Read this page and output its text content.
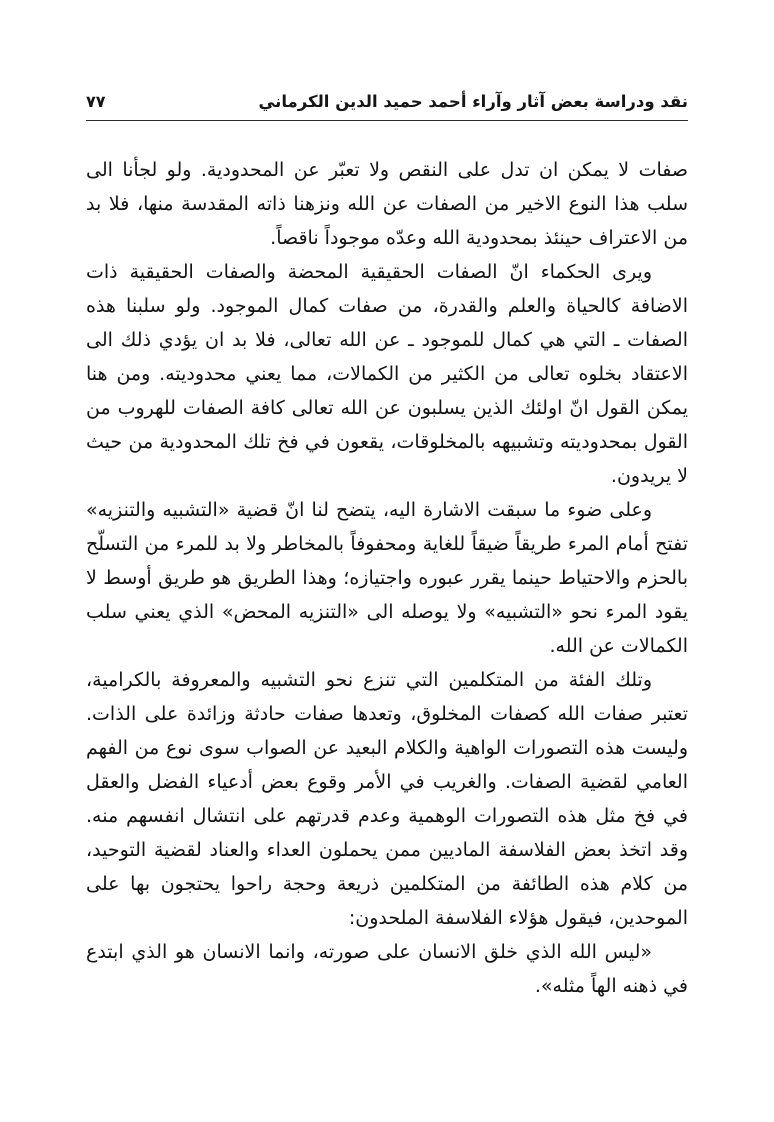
نقد ودراسة بعض آثار وآراء أحمد حميد الدين الكرماني
٧٧

صفات لا يمكن ان تدل على النقص ولا تعبّر عن المحدودية. ولو لجأنا الى سلب هذا النوع الاخير من الصفات عن الله ونزهنا ذاته المقدسة منها، فلا بد من الاعتراف حينئذ بمحدودية الله وعدّه موجوداً ناقصاً.

ويرى الحكماء انّ الصفات الحقيقية المحضة والصفات الحقيقية ذات الاضافة كالحياة والعلم والقدرة، من صفات كمال الموجود. ولو سلبنا هذه الصفات ـ التي هي كمال للموجود ـ عن الله تعالى، فلا بد ان يؤدي ذلك الى الاعتقاد بخلوه تعالى من الكثير من الكمالات، مما يعني محدوديته. ومن هنا يمكن القول انّ اولئك الذين يسلبون عن الله تعالى كافة الصفات للهروب من القول بمحدوديته وتشبيهه بالمخلوقات، يقعون في فخ تلك المحدودية من حيث لا يريدون.

وعلى ضوء ما سبقت الاشارة اليه، يتضح لنا انّ قضية «التشبيه والتنزيه» تفتح أمام المرء طريقاً ضيقاً للغاية ومحفوفاً بالمخاطر ولا بد للمرء من التسلّح بالحزم والاحتياط حينما يقرر عبوره واجتيازه؛ وهذا الطريق هو طريق أوسط لا يقود المرء نحو «التشبيه» ولا يوصله الى «التنزيه المحض» الذي يعني سلب الكمالات عن الله.

وتلك الفئة من المتكلمين التي تنزع نحو التشبيه والمعروفة بالكرامية، تعتبر صفات الله كصفات المخلوق، وتعدها صفات حادثة وزائدة على الذات. وليست هذه التصورات الواهية والكلام البعيد عن الصواب سوى نوع من الفهم العامي لقضية الصفات. والغريب في الأمر وقوع بعض أدعياء الفضل والعقل في فخ مثل هذه التصورات الوهمية وعدم قدرتهم على انتشال انفسهم منه. وقد اتخذ بعض الفلاسفة الماديين ممن يحملون العداء والعناد لقضية التوحيد، من كلام هذه الطائفة من المتكلمين ذريعة وحجة راحوا يحتجون بها على الموحدين، فيقول هؤلاء الفلاسفة الملحدون:

«ليس الله الذي خلق الانسان على صورته، وانما الانسان هو الذي ابتدع في ذهنه الهاً مثله».
